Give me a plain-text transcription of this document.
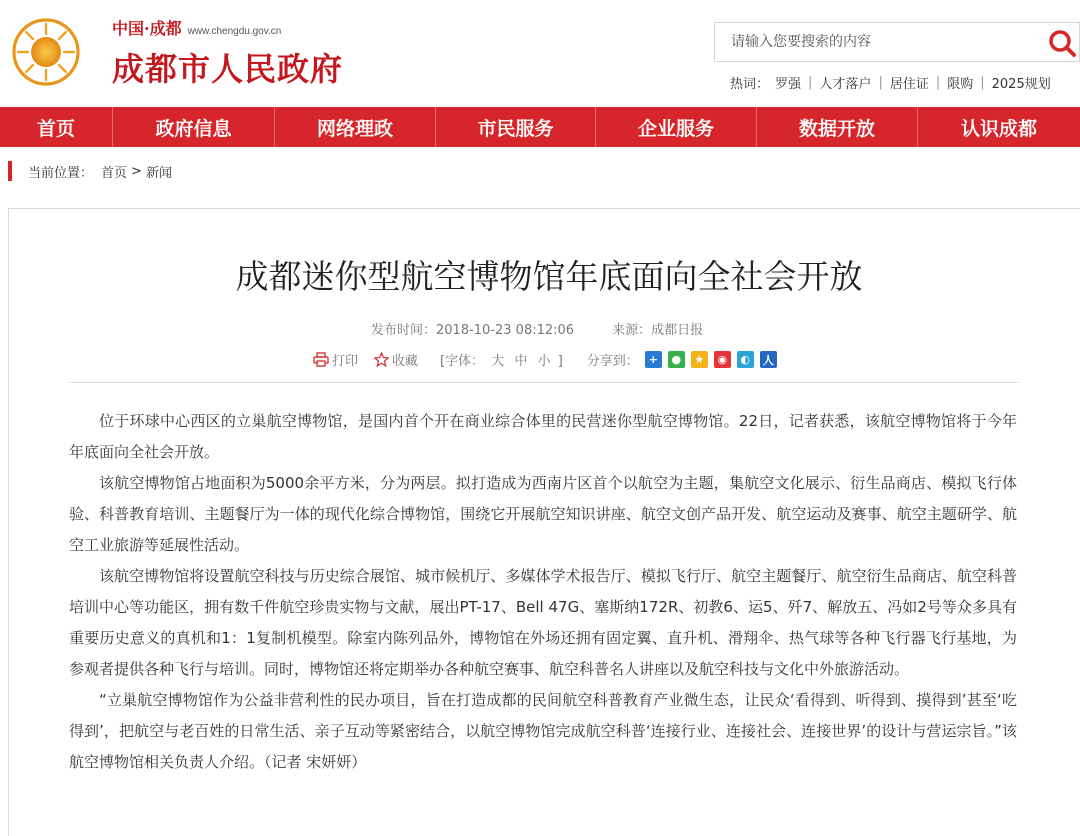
中国·成都 www.chengdu.gov.cn
成都市人民政府
请输入您要搜索的内容	热词： 罗强 | 人才落户 | 居住证 | 限购 | 2025规划
首页	政府信息	网络理政	市民服务	企业服务	数据开放	认识成都
当前位置： 首页 > 新闻
成都迷你型航空博物馆年底面向全社会开放
发布时间：2018-10-23 08:12:06	来源：成都日报
打印	收藏 [字体： 大 中 小 ] 分享到： +	●	★	◉	◐	人

位于环球中心西区的立巢航空博物馆，是国内首个开在商业综合体里的民营迷你型航空博物馆。22日，记者获悉，该航空博物馆将于今年年底面向全社会开放。

该航空博物馆占地面积为5000余平方米，分为两层。拟打造成为西南片区首个以航空为主题，集航空文化展示、衍生品商店、模拟飞行体验、科普教育培训、主题餐厅为一体的现代化综合博物馆，围绕它开展航空知识讲座、航空文创产品开发、航空运动及赛事、航空主题研学、航空工业旅游等延展性活动。

该航空博物馆将设置航空科技与历史综合展馆、城市候机厅、多媒体学术报告厅、模拟飞行厅、航空主题餐厅、航空衍生品商店、航空科普培训中心等功能区，拥有数千件航空珍贵实物与文献，展出PT-17、Bell 47G、塞斯纳172R、初教6、运5、歼7、解放五、冯如2号等众多具有重要历史意义的真机和1：1复制机模型。除室内陈列品外，博物馆在外场还拥有固定翼、直升机、滑翔伞、热气球等各种飞行器飞行基地，为参观者提供各种飞行与培训。同时，博物馆还将定期举办各种航空赛事、航空科普名人讲座以及航空科技与文化中外旅游活动。

“立巢航空博物馆作为公益非营利性的民办项目，旨在打造成都的民间航空科普教育产业微生态，让民众‘看得到、听得到、摸得到’甚至‘吃得到’，把航空与老百姓的日常生活、亲子互动等紧密结合，以航空博物馆完成航空科普‘连接行业、连接社会、连接世界’的设计与营运宗旨。”该航空博物馆相关负责人介绍。（记者 宋妍妍）
